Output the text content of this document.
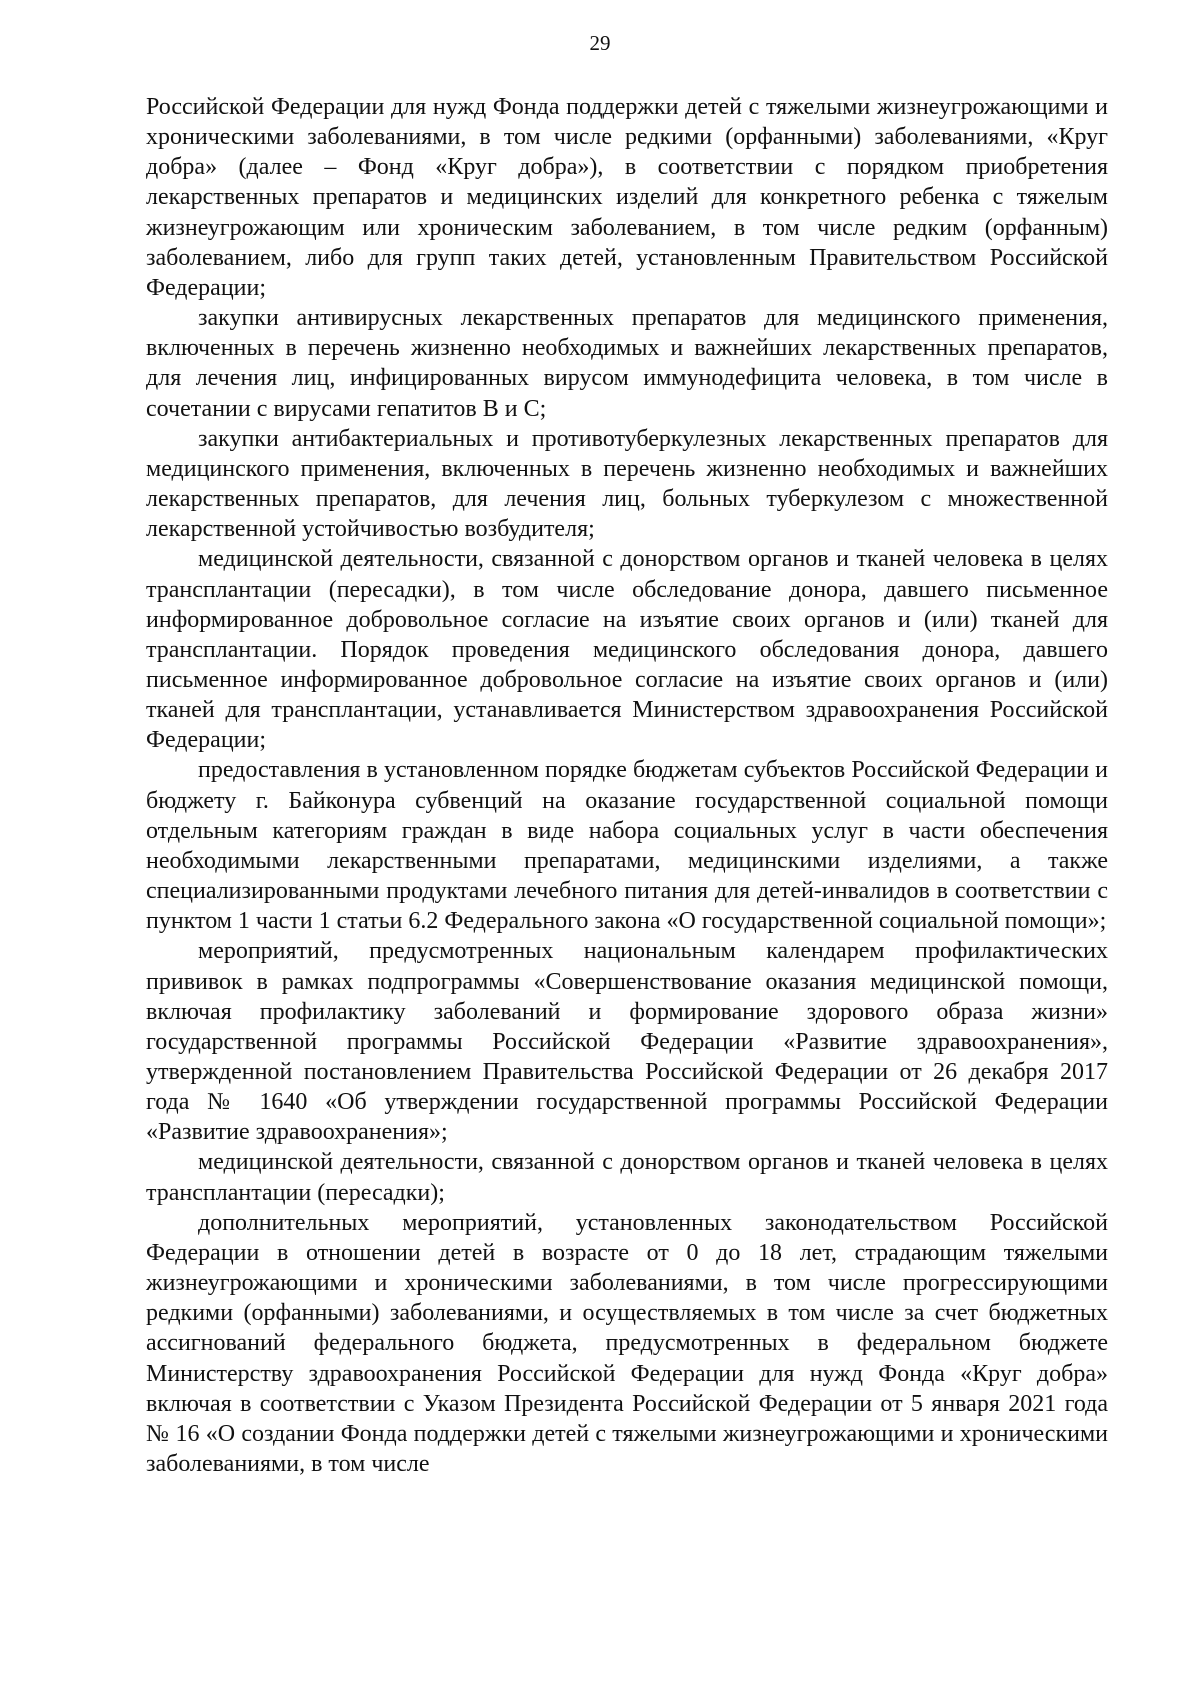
29

Российской Федерации для нужд Фонда поддержки детей с тяжелыми жизнеугрожающими и хроническими заболеваниями, в том числе редкими (орфанными) заболеваниями, «Круг добра» (далее – Фонд «Круг добра»), в соответствии с порядком приобретения лекарственных препаратов и медицинских изделий для конкретного ребенка с тяжелым жизнеугрожающим или хроническим заболеванием, в том числе редким (орфанным) заболеванием, либо для групп таких детей, установленным Правительством Российской Федерации;

закупки антивирусных лекарственных препаратов для медицинского применения, включенных в перечень жизненно необходимых и важнейших лекарственных препаратов, для лечения лиц, инфицированных вирусом иммунодефицита человека, в том числе в сочетании с вирусами гепатитов B и C;

закупки антибактериальных и противотуберкулезных лекарственных препаратов для медицинского применения, включенных в перечень жизненно необходимых и важнейших лекарственных препаратов, для лечения лиц, больных туберкулезом с множественной лекарственной устойчивостью возбудителя;

медицинской деятельности, связанной с донорством органов и тканей человека в целях трансплантации (пересадки), в том числе обследование донора, давшего письменное информированное добровольное согласие на изъятие своих органов и (или) тканей для трансплантации. Порядок проведения медицинского обследования донора, давшего письменное информированное добровольное согласие на изъятие своих органов и (или) тканей для трансплантации, устанавливается Министерством здравоохранения Российской Федерации;

предоставления в установленном порядке бюджетам субъектов Российской Федерации и бюджету г. Байконура субвенций на оказание государственной социальной помощи отдельным категориям граждан в виде набора социальных услуг в части обеспечения необходимыми лекарственными препаратами, медицинскими изделиями, а также специализированными продуктами лечебного питания для детей-инвалидов в соответствии с пунктом 1 части 1 статьи 6.2 Федерального закона «О государственной социальной помощи»;

мероприятий, предусмотренных национальным календарем профилактических прививок в рамках подпрограммы «Совершенствование оказания медицинской помощи, включая профилактику заболеваний и формирование здорового образа жизни» государственной программы Российской Федерации «Развитие здравоохранения», утвержденной постановлением Правительства Российской Федерации от 26 декабря 2017 года № 1640 «Об утверждении государственной программы Российской Федерации «Развитие здравоохранения»;

медицинской деятельности, связанной с донорством органов и тканей человека в целях трансплантации (пересадки);

дополнительных мероприятий, установленных законодательством Российской Федерации в отношении детей в возрасте от 0 до 18 лет, страдающим тяжелыми жизнеугрожающими и хроническими заболеваниями, в том числе прогрессирующими редкими (орфанными) заболеваниями, и осуществляемых в том числе за счет бюджетных ассигнований федерального бюджета, предусмотренных в федеральном бюджете Министерству здравоохранения Российской Федерации для нужд Фонда «Круг добра» включая в соответствии с Указом Президента Российской Федерации от 5 января 2021 года № 16 «О создании Фонда поддержки детей с тяжелыми жизнеугрожающими и хроническими заболеваниями, в том числе
